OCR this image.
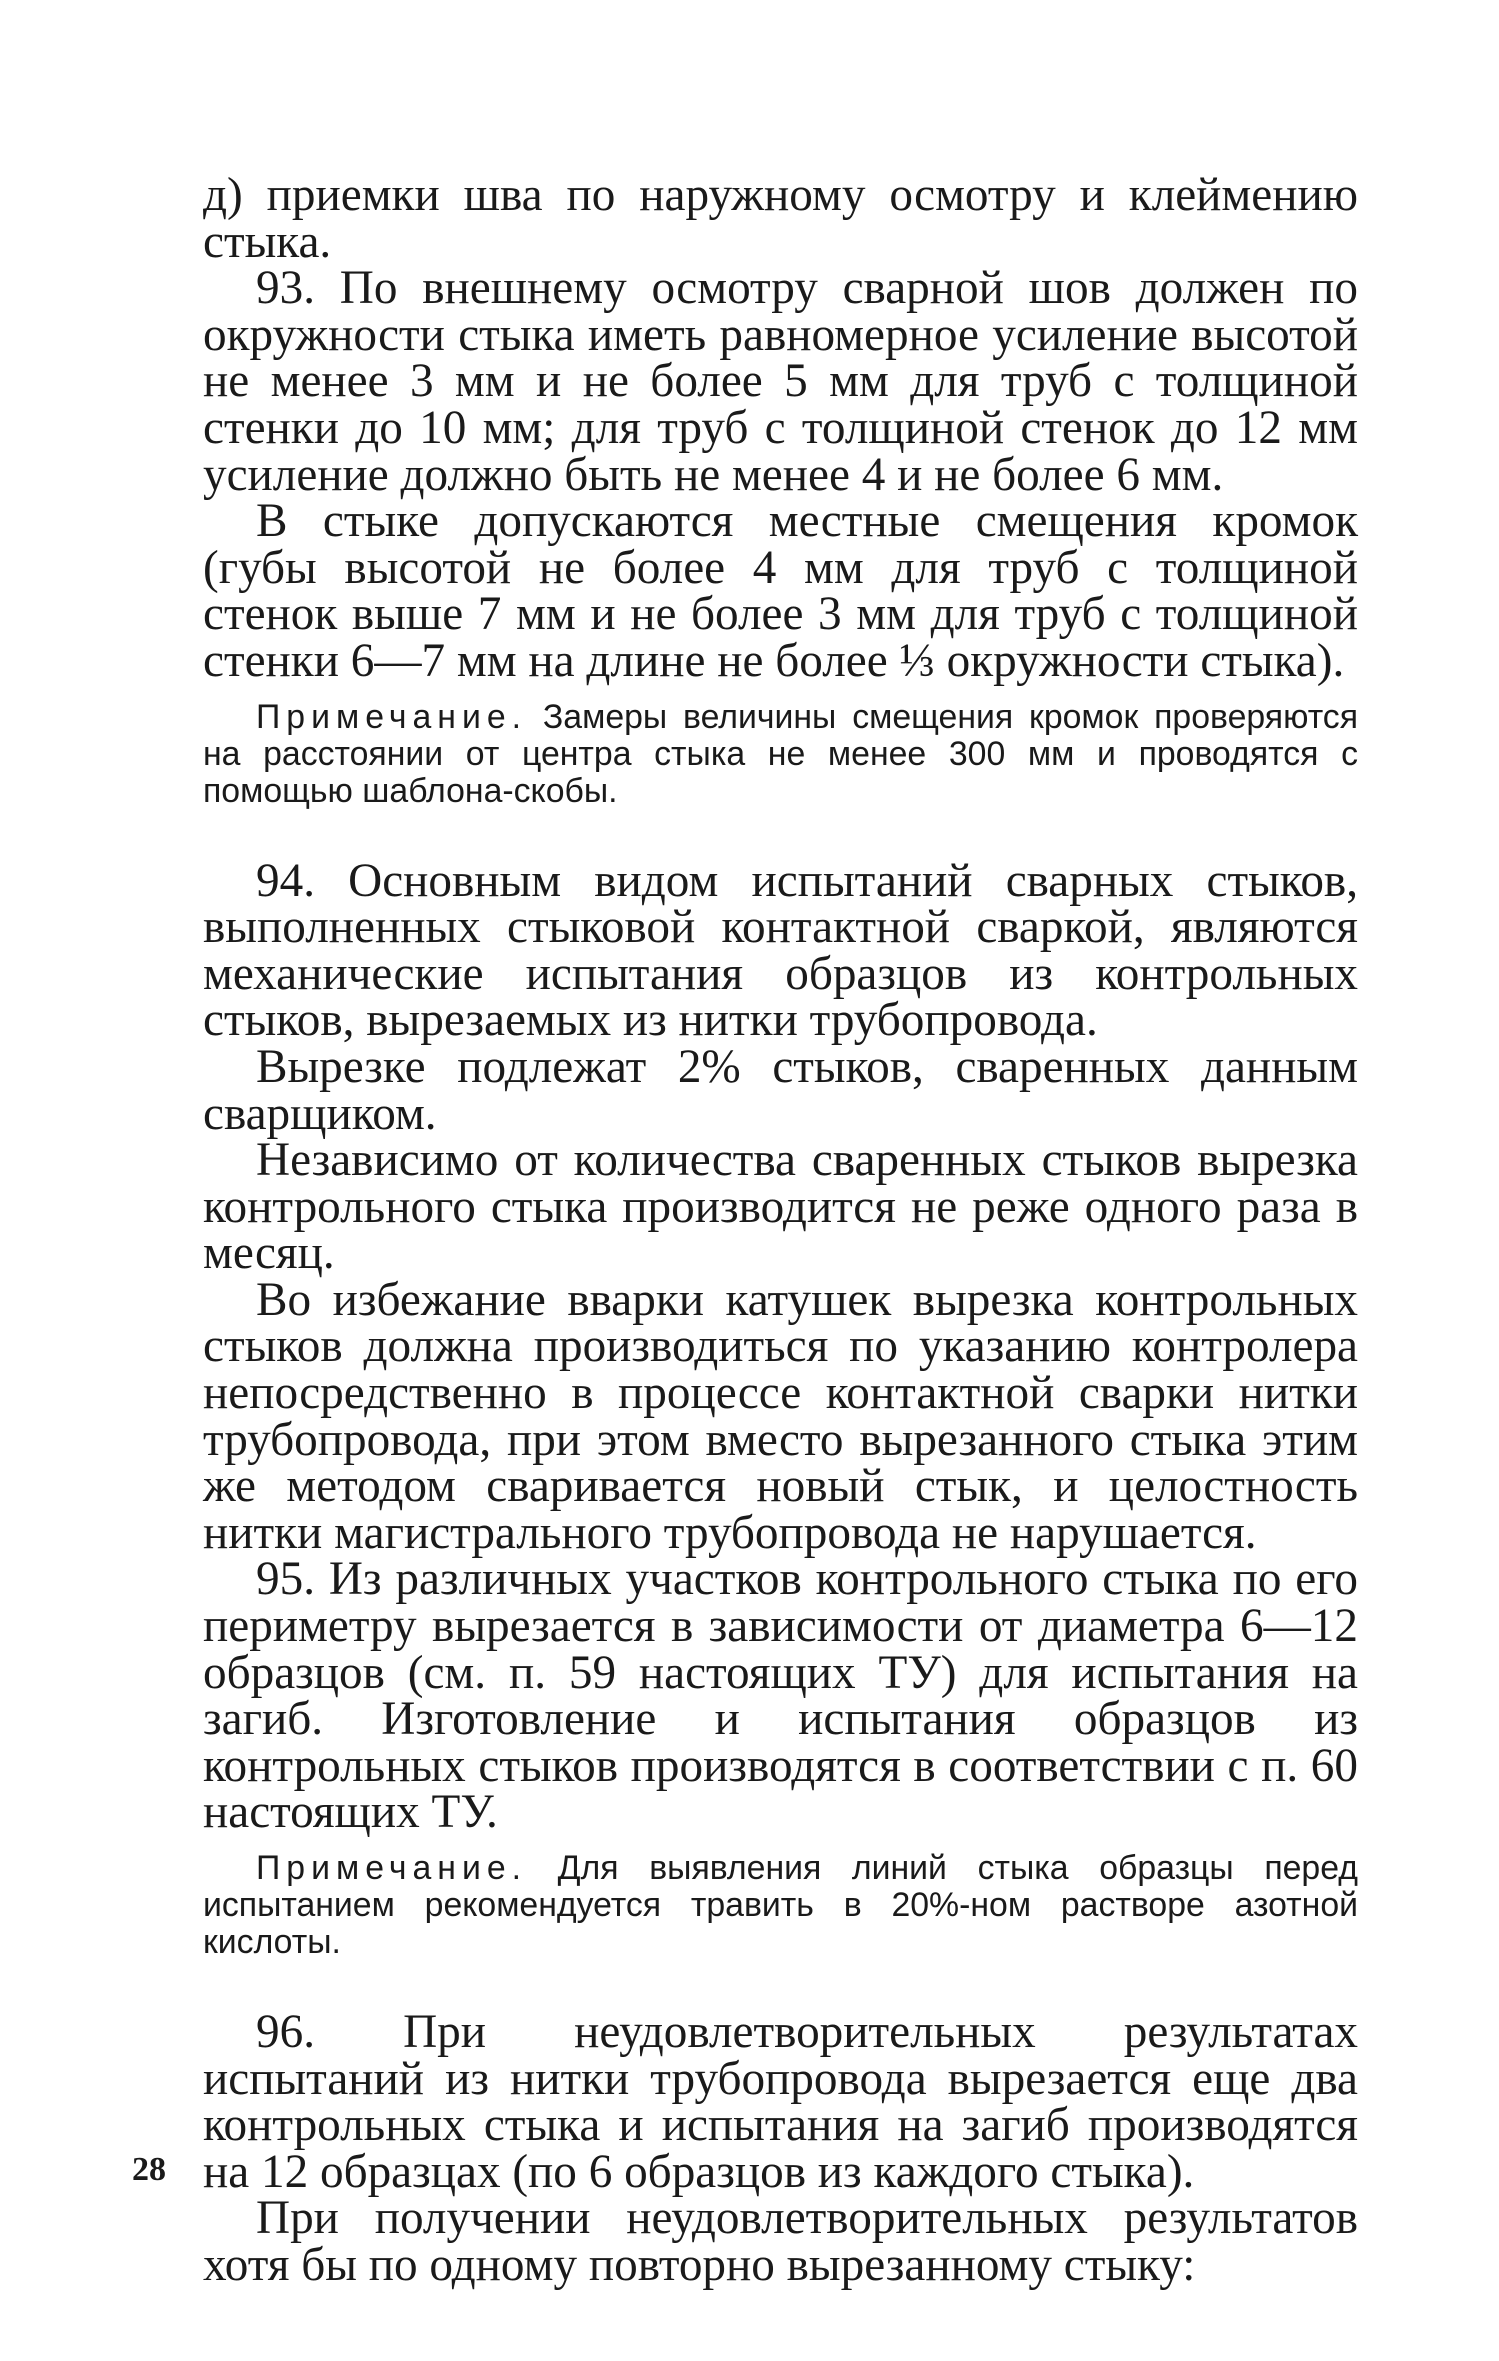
д) приемки шва по наружному осмотру и клеймению стыка.

93. По внешнему осмотру сварной шов должен по окружности стыка иметь равномерное усиление высотой не менее 3 мм и не более 5 мм для труб с толщиной стенки до 10 мм; для труб с толщиной стенок до 12 мм усиление должно быть не менее 4 и не более 6 мм.

В стыке допускаются местные смещения кромок (губы высотой не более 4 мм для труб с толщиной стенок выше 7 мм и не более 3 мм для труб с толщиной стенки 6—7 мм на длине не более ⅓ окружности стыка).

Примечание. Замеры величины смещения кромок проверяются на расстоянии от центра стыка не менее 300 мм и проводятся с помощью шаблона-скобы.

94. Основным видом испытаний сварных стыков, выполненных стыковой контактной сваркой, являются механические испытания образцов из контрольных стыков, вырезаемых из нитки трубопровода.

Вырезке подлежат 2% стыков, сваренных данным сварщиком.

Независимо от количества сваренных стыков вырезка контрольного стыка производится не реже одного раза в месяц.

Во избежание вварки катушек вырезка контрольных стыков должна производиться по указанию контролера непосредственно в процессе контактной сварки нитки трубопровода, при этом вместо вырезанного стыка этим же методом сваривается новый стык, и целостность нитки магистрального трубопровода не нарушается.

95. Из различных участков контрольного стыка по его периметру вырезается в зависимости от диаметра 6—12 образцов (см. п. 59 настоящих ТУ) для испытания на загиб. Изготовление и испытания образцов из контрольных стыков производятся в соответствии с п. 60 настоящих ТУ.

Примечание. Для выявления линий стыка образцы перед испытанием рекомендуется травить в 20%-ном растворе азотной кислоты.

96. При неудовлетворительных результатах испытаний из нитки трубопровода вырезается еще два контрольных стыка и испытания на загиб производятся на 12 образцах (по 6 образцов из каждого стыка).

При получении неудовлетворительных результатов хотя бы по одному повторно вырезанному стыку:

28
